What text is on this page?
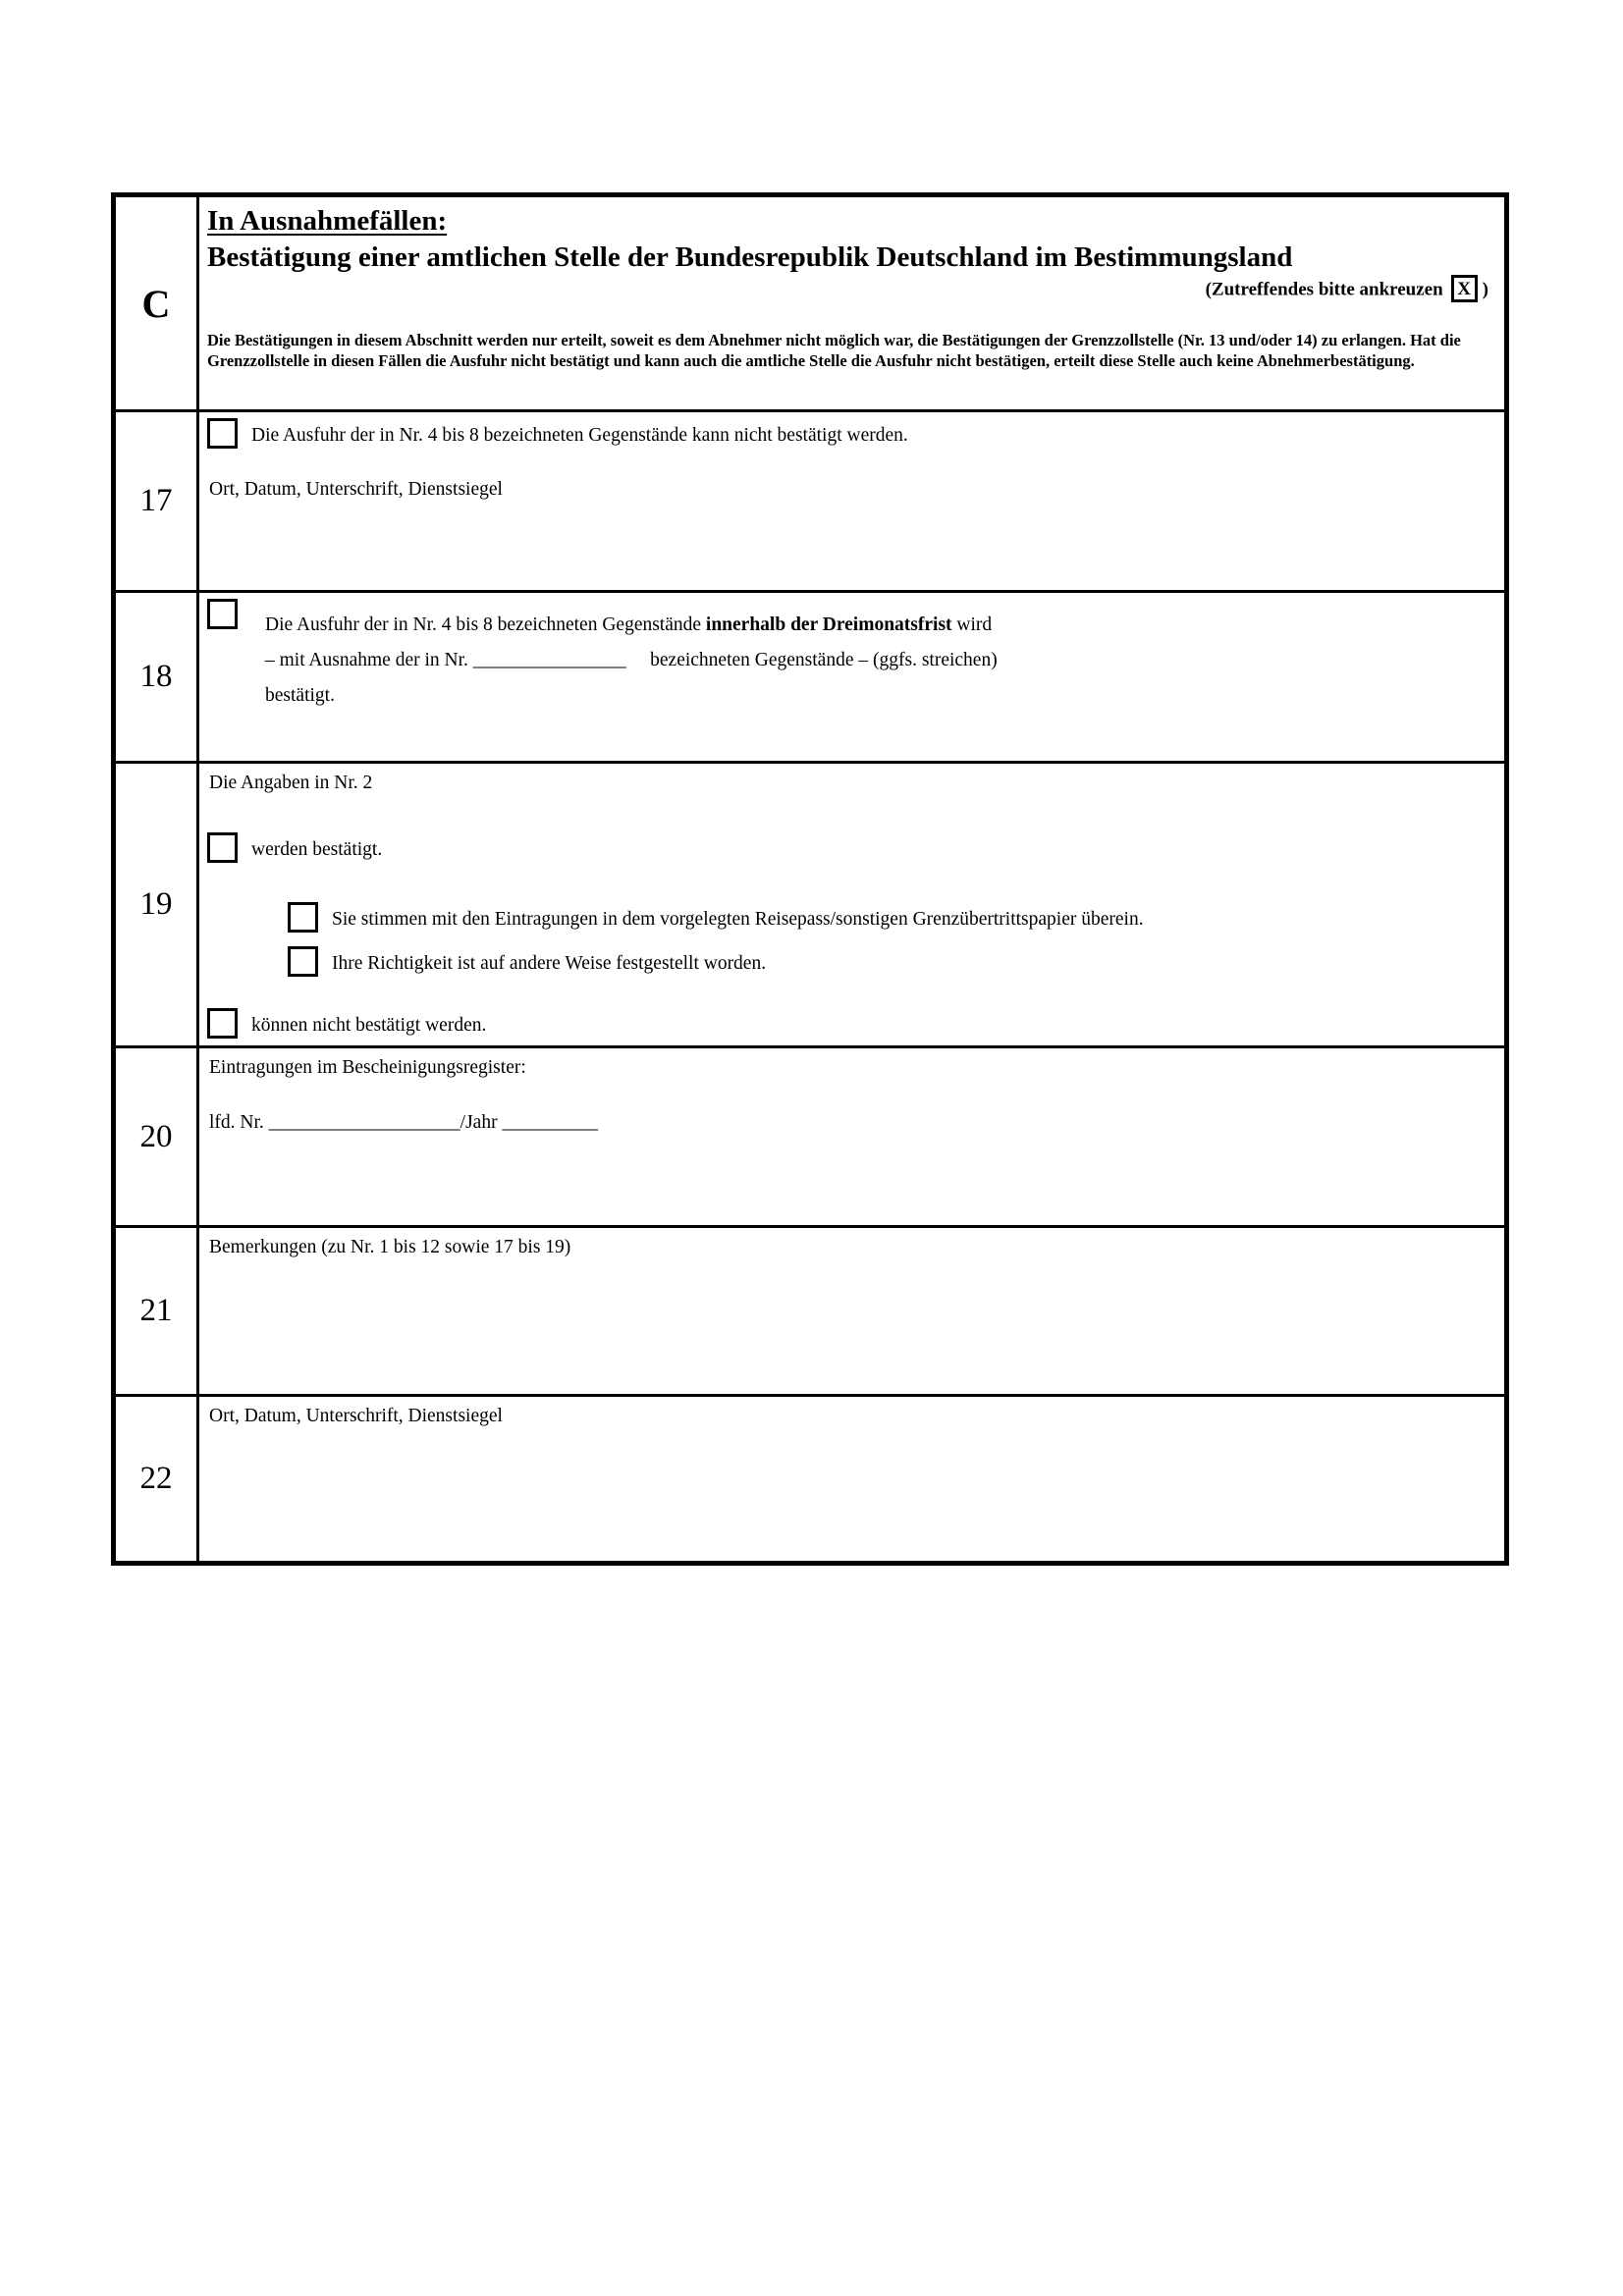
C
In Ausnahmefällen:
Bestätigung einer amtlichen Stelle der Bundesrepublik Deutschland im Bestimmungsland
(Zutreffendes bitte ankreuzen X )
Die Bestätigungen in diesem Abschnitt werden nur erteilt, soweit es dem Abnehmer nicht möglich war, die Bestätigungen der Grenzzollstelle (Nr. 13 und/oder 14) zu erlangen. Hat die Grenzzollstelle in diesen Fällen die Ausfuhr nicht bestätigt und kann auch die amtliche Stelle die Ausfuhr nicht bestätigen, erteilt diese Stelle auch keine Abnehmerbestätigung.
17
Die Ausfuhr der in Nr. 4 bis 8 bezeichneten Gegenstände kann nicht bestätigt werden.
Ort, Datum, Unterschrift, Dienstsiegel
18
Die Ausfuhr der in Nr. 4 bis 8 bezeichneten Gegenstände innerhalb der Dreimonatsfrist wird
– mit Ausnahme der in Nr. ________________     bezeichneten Gegenstände – (ggfs. streichen)
bestätigt.
19
Die Angaben in Nr. 2
werden bestätigt.
Sie stimmen mit den Eintragungen in dem vorgelegten Reisepass/sonstigen Grenzübertrittspapier überein.
Ihre Richtigkeit ist auf andere Weise festgestellt worden.
können nicht bestätigt werden.
20
Eintragungen im Bescheinigungsregister:
lfd. Nr. ____________________/Jahr __________
21
Bemerkungen (zu Nr. 1 bis 12 sowie 17 bis 19)
22
Ort, Datum, Unterschrift, Dienstsiegel
